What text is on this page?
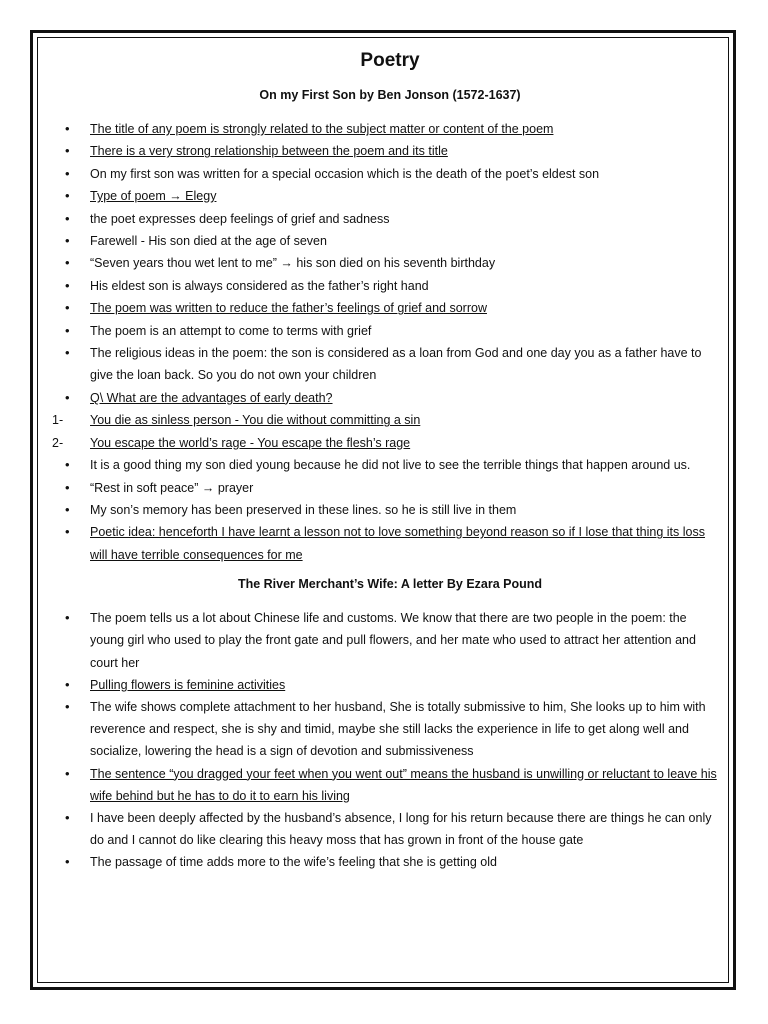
Poetry
On my First Son by Ben Jonson (1572-1637)
•	The title of any poem is strongly related to the subject matter or content of the poem
•	There is a very strong relationship between the poem and its title
•	On my first son was written for a special occasion which is the death of the poet’s eldest son
•	Type of poem → Elegy
•	the poet expresses deep feelings of grief and sadness
•	Farewell - His son died at the age of seven
•	“Seven years thou wet lent to me” → his son died on his seventh birthday
•	His eldest son is always considered as the father’s right hand
•	The poem was written to reduce the father’s feelings of grief and sorrow
•	The poem is an attempt to come to terms with grief
•	The religious ideas in the poem: the son is considered as a loan from God and one day you as a father have to give the loan back. So you do not own your children
•	Q\ What are the advantages of early death?
1-	You die as sinless person - You die without committing a sin
2-	You escape the world’s rage - You escape the flesh’s rage
•	It is a good thing my son died young because he did not live to see the terrible things that happen around us.
•	“Rest in soft peace” → prayer
•	My son’s memory has been preserved in these lines. so he is still live in them
•	Poetic idea: henceforth I have learnt a lesson not to love something beyond reason so if I lose that thing its loss will have terrible consequences for me
The River Merchant’s Wife: A letter By Ezara Pound
•	The poem tells us a lot about Chinese life and customs. We know that there are two people in the poem: the young girl who used to play the front gate and pull flowers, and her mate who used to attract her attention and court her
•	Pulling flowers is feminine activities
•	The wife shows complete attachment to her husband, She is totally submissive to him, She looks up to him with reverence and respect, she is shy and timid, maybe she still lacks the experience in life to get along well and socialize, lowering the head is a sign of devotion and submissiveness
•	The sentence “you dragged your feet when you went out” means the husband is unwilling or reluctant to leave his wife behind but he has to do it to earn his living
•	I have been deeply affected by the husband’s absence, I long for his return because there are things he can only do and I cannot do like clearing this heavy moss that has grown in front of the house gate
•	The passage of time adds more to the wife’s feeling that she is getting old
